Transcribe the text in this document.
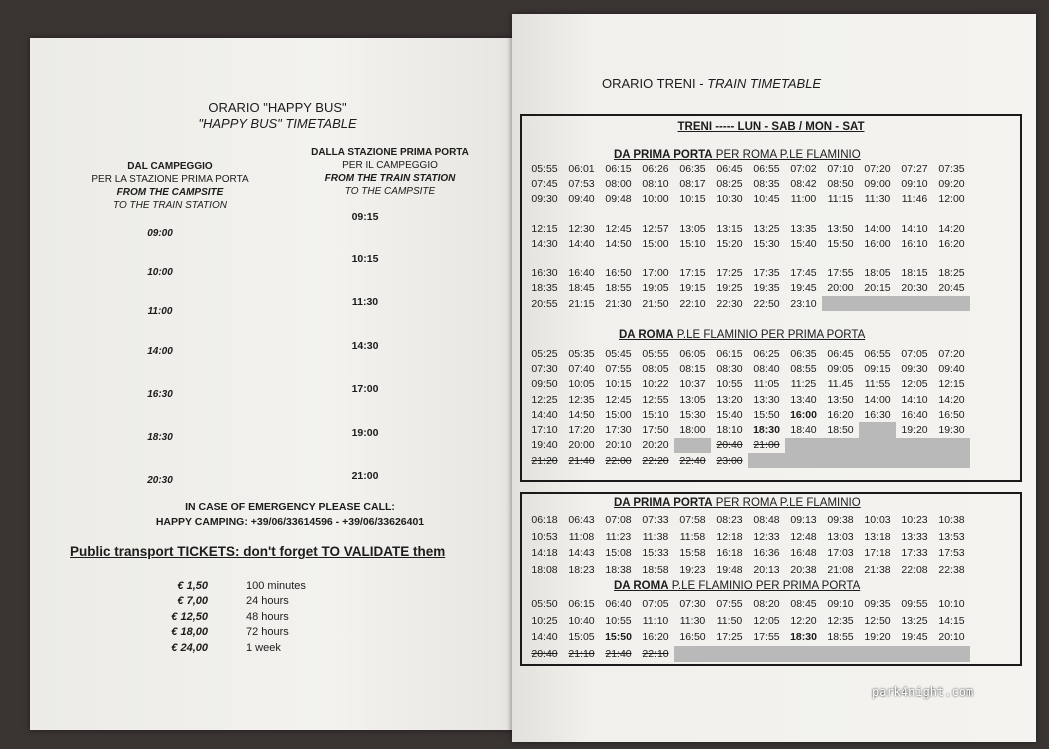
ORARIO "HAPPY BUS"
"HAPPY BUS" TIMETABLE
DAL CAMPEGGIO
PER LA STAZIONE PRIMA PORTA
FROM THE CAMPSITE
TO THE TRAIN STATION
DALLA STAZIONE PRIMA PORTA
PER IL CAMPEGGIO
FROM THE TRAIN STATION
TO THE CAMPSITE
09:00
10:00
11:00
14:00
16:30
18:30
20:30
09:15
10:15
11:30
14:30
17:00
19:00
21:00
IN CASE OF EMERGENCY PLEASE CALL:
HAPPY CAMPING: +39/06/33614596 - +39/06/33626401
Public transport TICKETS: don't forget TO VALIDATE them
€ 1,50	100 minutes
€ 7,00	24 hours
€ 12,50	48 hours
€ 18,00	72 hours
€ 24,00	1 week
ORARIO TRENI - TRAIN TIMETABLE
TRENI ----- LUN - SAB / MON - SAT
DA PRIMA PORTA PER ROMA P.LE FLAMINIO
05:55	06:01	06:15	06:26	06:35	06:45	06:55	07:02	07:10	07:20	07:27	07:35
07:45	07:53	08:00	08:10	08:17	08:25	08:35	08:42	08:50	09:00	09:10	09:20
09:30	09:40	09:48	10:00	10:15	10:30	10:45	11:00	11:15	11:30	11:46	12:00

12:15	12:30	12:45	12:57	13:05	13:15	13:25	13:35	13:50	14:00	14:10	14:20
14:30	14:40	14:50	15:00	15:10	15:20	15:30	15:40	15:50	16:00	16:10	16:20

16:30	16:40	16:50	17:00	17:15	17:25	17:35	17:45	17:55	18:05	18:15	18:25
18:35	18:45	18:55	19:05	19:15	19:25	19:35	19:45	20:00	20:15	20:30	20:45
20:55	21:15	21:30	21:50	22:10	22:30	22:50	23:10				
DA ROMA P.LE FLAMINIO PER PRIMA PORTA
05:25	05:35	05:45	05:55	06:05	06:15	06:25	06:35	06:45	06:55	07:05	07:20
07:30	07:40	07:55	08:05	08:15	08:30	08:40	08:55	09:05	09:15	09:30	09:40
09:50	10:05	10:15	10:22	10:37	10:55	11:05	11:25	11.45	11:55	12:05	12:15
12:25	12:35	12:45	12:55	13:05	13:20	13:30	13:40	13:50	14:00	14:10	14:20
14:40	14:50	15:00	15:10	15:30	15:40	15:50	16:00	16:20	16:30	16:40	16:50
17:10	17:20	17:30	17:50	18:00	18:10	18:30	18:40	18:50		19:20	19:30
19:40	20:00	20:10	20:20		20:40	21:00					
21:20	21:40	22:00	22:20	22:40	23:00						
DA PRIMA PORTA PER ROMA P.LE FLAMINIO
06:18	06:43	07:08	07:33	07:58	08:23	08:48	09:13	09:38	10:03	10:23	10:38
10:53	11:08	11:23	11:38	11:58	12:18	12:33	12:48	13:03	13:18	13:33	13:53
14:18	14:43	15:08	15:33	15:58	16:18	16:36	16:48	17:03	17:18	17:33	17:53
18:08	18:23	18:38	18:58	19:23	19:48	20:13	20:38	21:08	21:38	22:08	22:38
DA ROMA P.LE FLAMINIO PER PRIMA PORTA
05:50	06:15	06:40	07:05	07:30	07:55	08:20	08:45	09:10	09:35	09:55	10:10
10:25	10:40	10:55	11:10	11:30	11:50	12:05	12:20	12:35	12:50	13:25	14:15
14:40	15:05	15:50	16:20	16:50	17:25	17:55	18:30	18:55	19:20	19:45	20:10
20:40	21:10	21:40	22:10								
park4night.com
